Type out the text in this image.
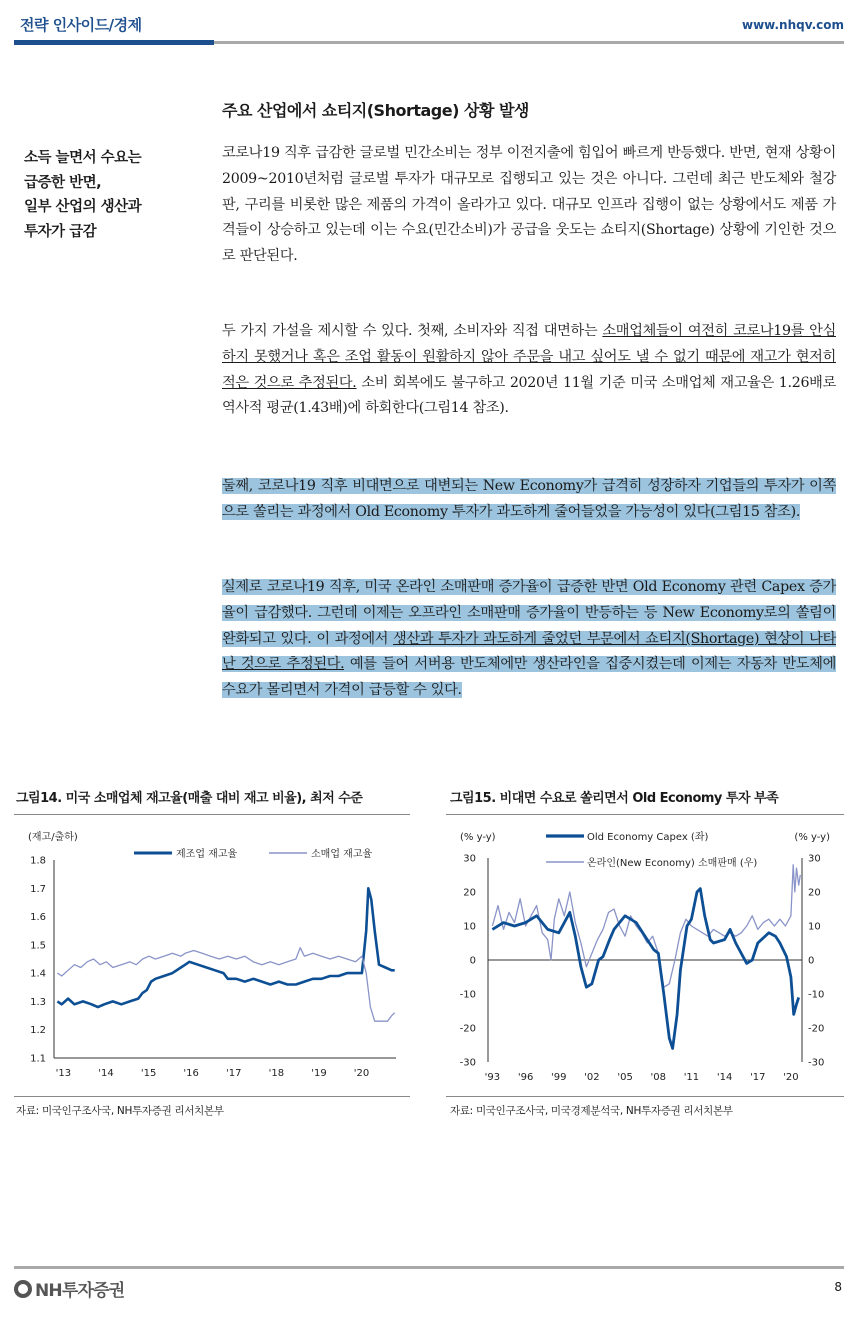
전략 인사이드/경제	www.nhqv.com
주요 산업에서 쇼티지(Shortage) 상황 발생
소득 늘면서 수요는
급증한 반면,
일부 산업의 생산과
투자가 급감
코로나19 직후 급감한 글로벌 민간소비는 정부 이전지출에 힘입어 빠르게 반등했다. 반면, 현재 상황이 2009~2010년처럼 글로벌 투자가 대규모로 집행되고 있는 것은 아니다. 그런데 최근 반도체와 철강판, 구리를 비롯한 많은 제품의 가격이 올라가고 있다. 대규모 인프라 집행이 없는 상황에서도 제품 가격들이 상승하고 있는데 이는 수요(민간소비)가 공급을 웃도는 쇼티지(Shortage) 상황에 기인한 것으로 판단된다.
두 가지 가설을 제시할 수 있다. 첫째, 소비자와 직접 대면하는 소매업체들이 여전히 코로나19를 안심하지 못했거나 혹은 조업 활동이 원활하지 않아 주문을 내고 싶어도 낼 수 없기 때문에 재고가 현저히 적은 것으로 추정된다. 소비 회복에도 불구하고 2020년 11월 기준 미국 소매업체 재고율은 1.26배로 역사적 평균(1.43배)에 하회한다(그림14 참조).
둘째, 코로나19 직후 비대면으로 대변되는 New Economy가 급격히 성장하자 기업들의 투자가 이쪽으로 쏠리는 과정에서 Old Economy 투자가 과도하게 줄어들었을 가능성이 있다(그림15 참조).
실제로 코로나19 직후, 미국 온라인 소매판매 증가율이 급증한 반면 Old Economy 관련 Capex 증가율이 급감했다. 그런데 이제는 오프라인 소매판매 증가율이 반등하는 등 New Economy로의 쏠림이 완화되고 있다. 이 과정에서 생산과 투자가 과도하게 줄었던 부문에서 쇼티지(Shortage) 현상이 나타난 것으로 추정된다. 예를 들어 서버용 반도체에만 생산라인을 집중시켰는데 이제는 자동차 반도체에 수요가 몰리면서 가격이 급등할 수 있다.
그림14. 미국 소매업체 재고율(매출 대비 재고 비율), 최저 수준
(재고/출하)
1.1
1.2
1.3
1.4
1.5
1.6
1.7
1.8
'13	'14	'15	'16	'17	'18	'19	'20
제조업 재고율	소매업 재고율
자료: 미국인구조사국, NH투자증권 리서치본부
그림15. 비대면 수요로 쏠리면서 Old Economy 투자 부족
(% y-y)	(% y-y)
-30	-30
-20	-20
-10	-10
0	0
10	10
20	20
30	30
'93 '96 '99 '02 '05 '08 '11 '14 '17 '20
Old Economy Capex (좌)
온라인(New Economy) 소매판매 (우)
자료: 미국인구조사국, 미국경제분석국, NH투자증권 리서치본부
NH투자증권	8
